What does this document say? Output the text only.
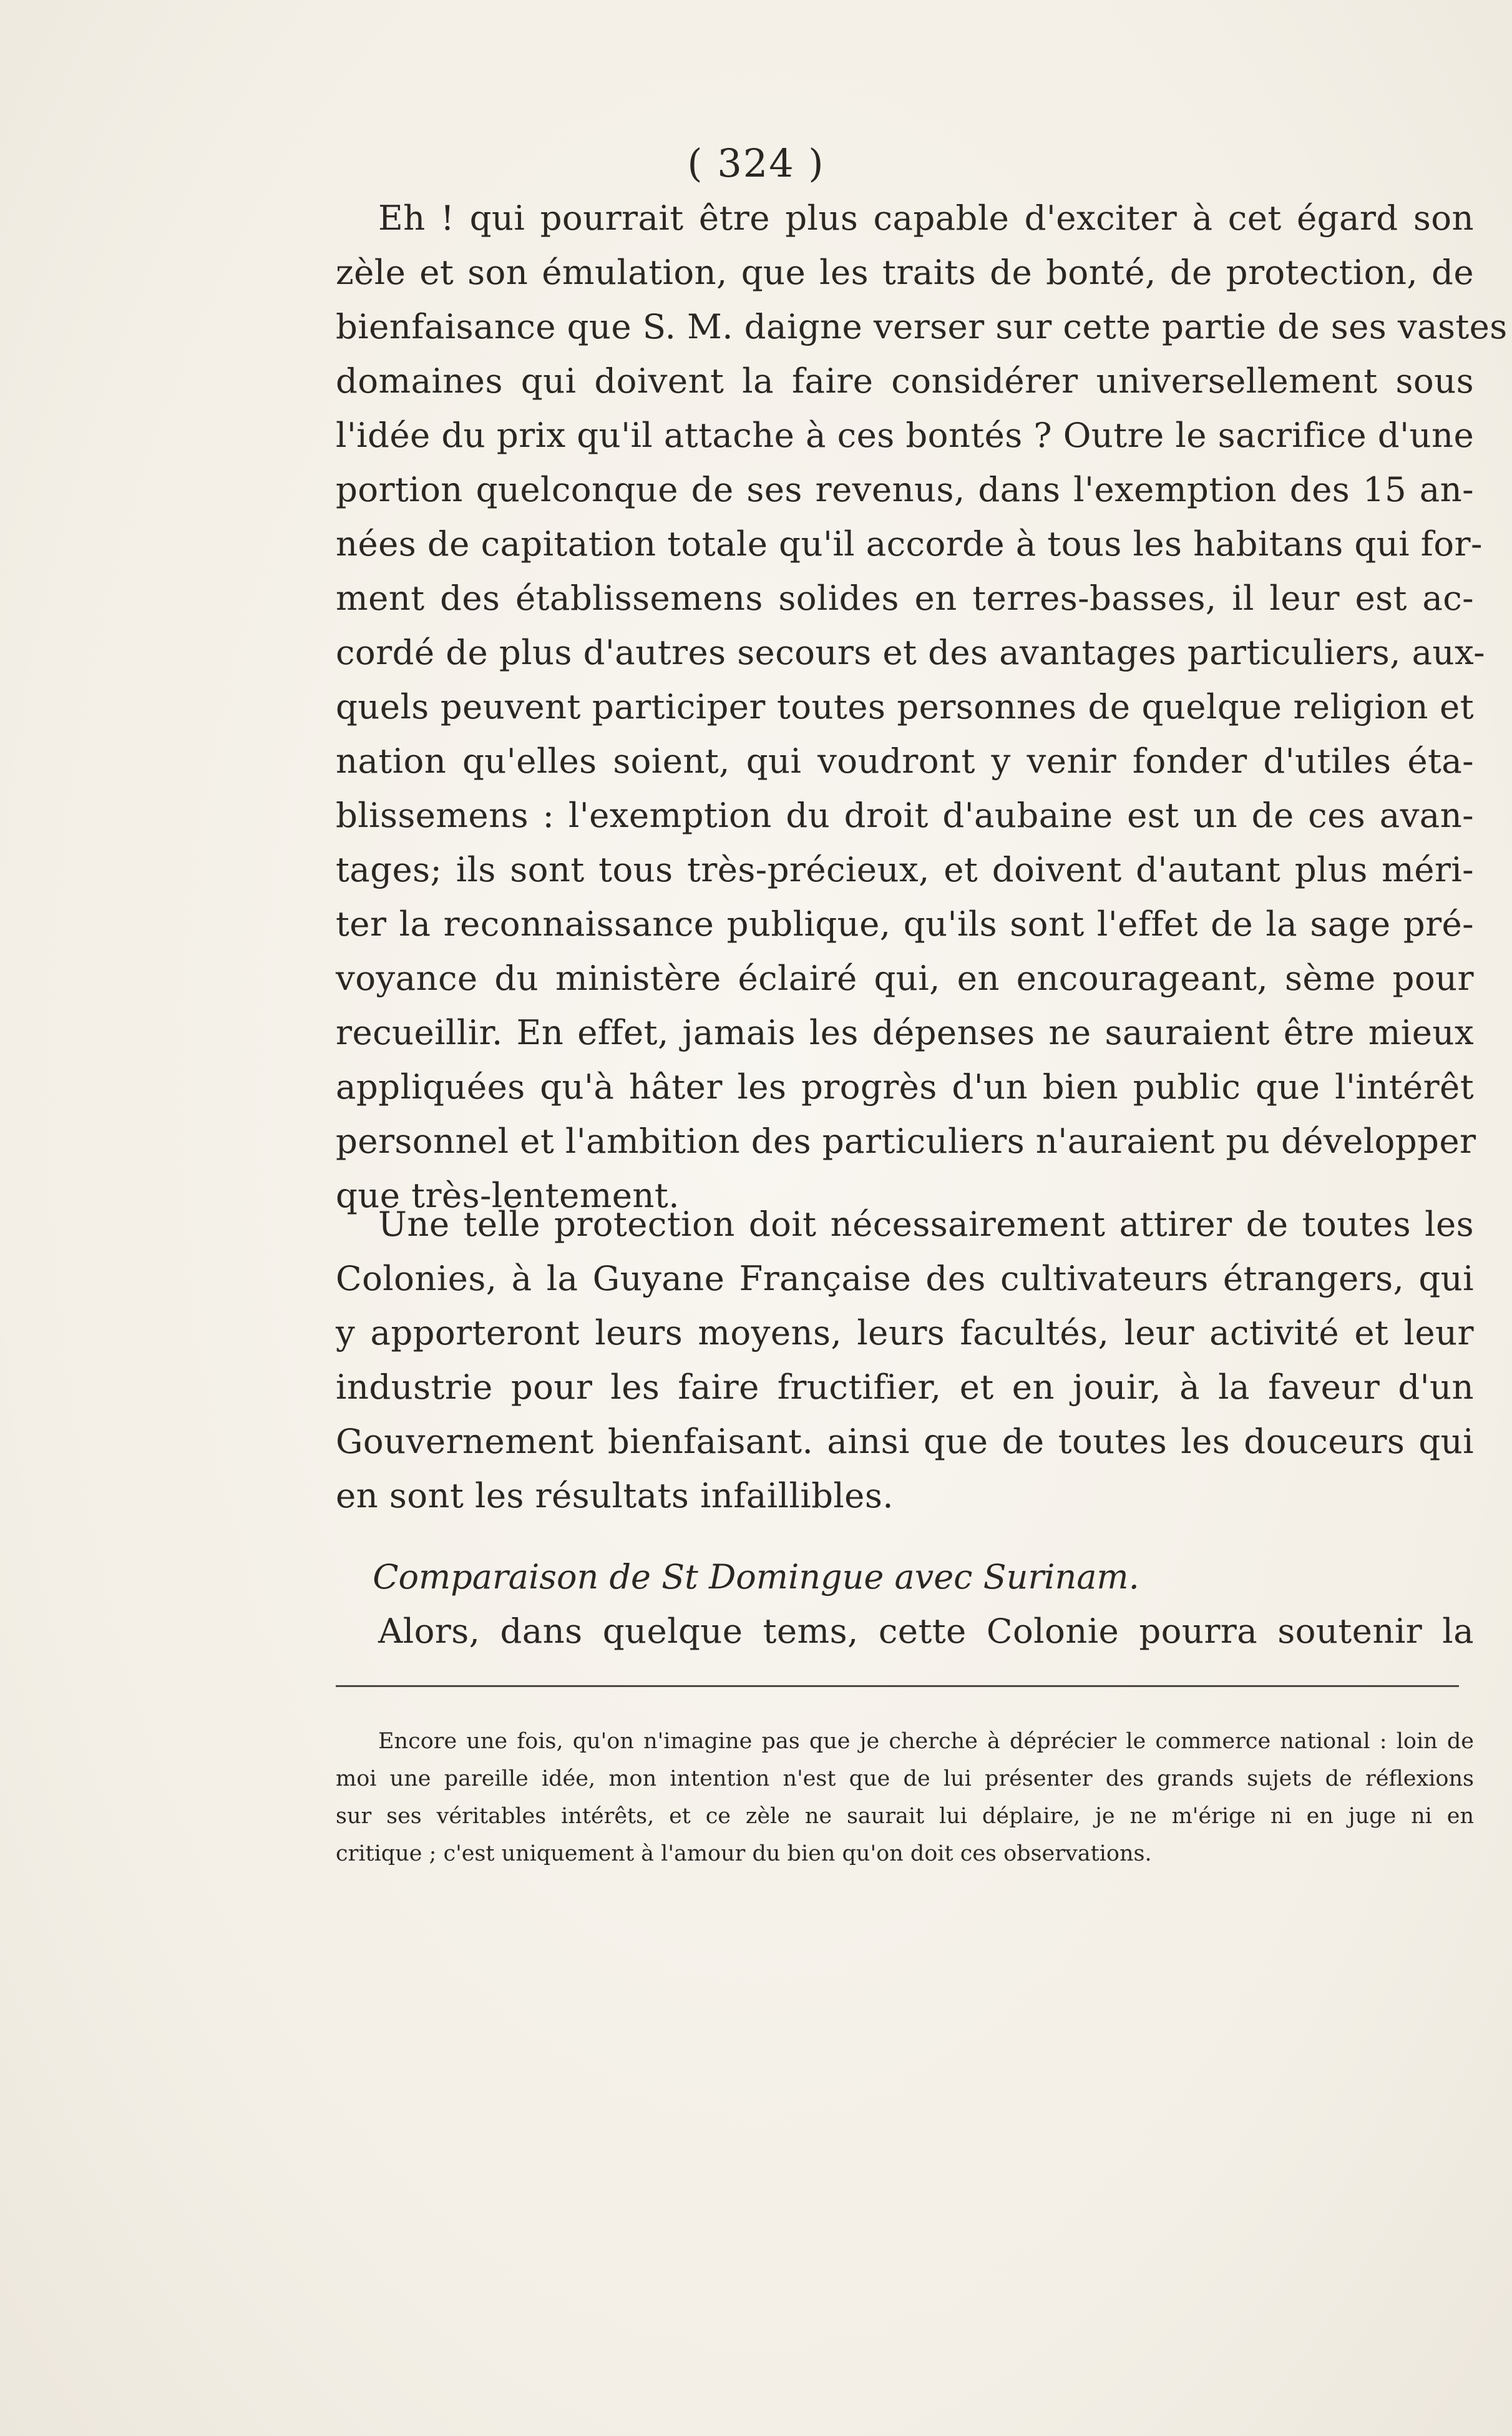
( 324 )
Eh ! qui pourrait être plus capable d'exciter à cet égard son
zèle et son émulation, que les traits de bonté, de protection, de
bienfaisance que S. M. daigne verser sur cette partie de ses vastes
domaines qui doivent la faire considérer universellement sous
l'idée du prix qu'il attache à ces bontés ? Outre le sacrifice d'une
portion quelconque de ses revenus, dans l'exemption des 15 an-
nées de capitation totale qu'il accorde à tous les habitans qui for-
ment des établissemens solides en terres-basses, il leur est ac-
cordé de plus d'autres secours et des avantages particuliers, aux-
quels peuvent participer toutes personnes de quelque religion et
nation qu'elles soient, qui voudront y venir fonder d'utiles éta-
blissemens : l'exemption du droit d'aubaine est un de ces avan-
tages; ils sont tous très-précieux, et doivent d'autant plus méri-
ter la reconnaissance publique, qu'ils sont l'effet de la sage pré-
voyance du ministère éclairé qui, en encourageant, sème pour
recueillir. En effet, jamais les dépenses ne sauraient être mieux
appliquées qu'à hâter les progrès d'un bien public que l'intérêt
personnel et l'ambition des particuliers n'auraient pu développer
que très-lentement.
Une telle protection doit nécessairement attirer de toutes les
Colonies, à la Guyane Française des cultivateurs étrangers, qui
y apporteront leurs moyens, leurs facultés, leur activité et leur
industrie pour les faire fructifier, et en jouir, à la faveur d'un
Gouvernement bienfaisant. ainsi que de toutes les douceurs qui
en sont les résultats infaillibles.
Comparaison de St Domingue avec Surinam.
Alors, dans quelque tems, cette Colonie pourra soutenir la
Encore une fois, qu'on n'imagine pas que je cherche à déprécier le commerce national : loin de
moi une pareille idée, mon intention n'est que de lui présenter des grands sujets de réflexions
sur ses véritables intérêts, et ce zèle ne saurait lui déplaire, je ne m'érige ni en juge ni en
critique ; c'est uniquement à l'amour du bien qu'on doit ces observations.
